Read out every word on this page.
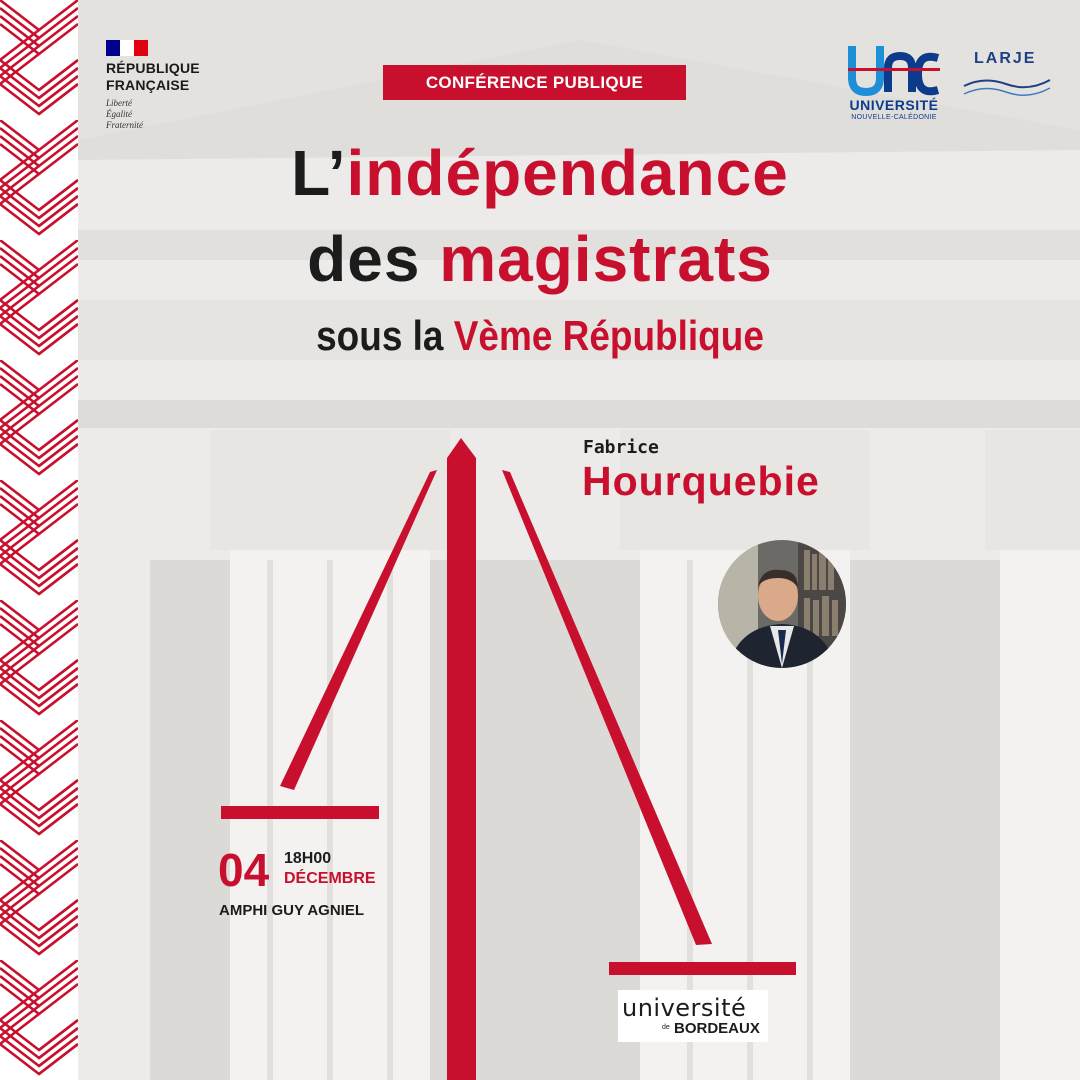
RÉPUBLIQUE
FRANÇAISE
Liberté
Égalité
Fraternité
CONFÉRENCE PUBLIQUE
L’indépendance
des magistrats
sous la Vème République
Fabrice
Hourquebie
04 18H00
DÉCEMBRE
AMPHI GUY AGNIEL
UNIVERSITÉ
NOUVELLE-CALÉDONIE
LARJE
université
de BORDEAUX
